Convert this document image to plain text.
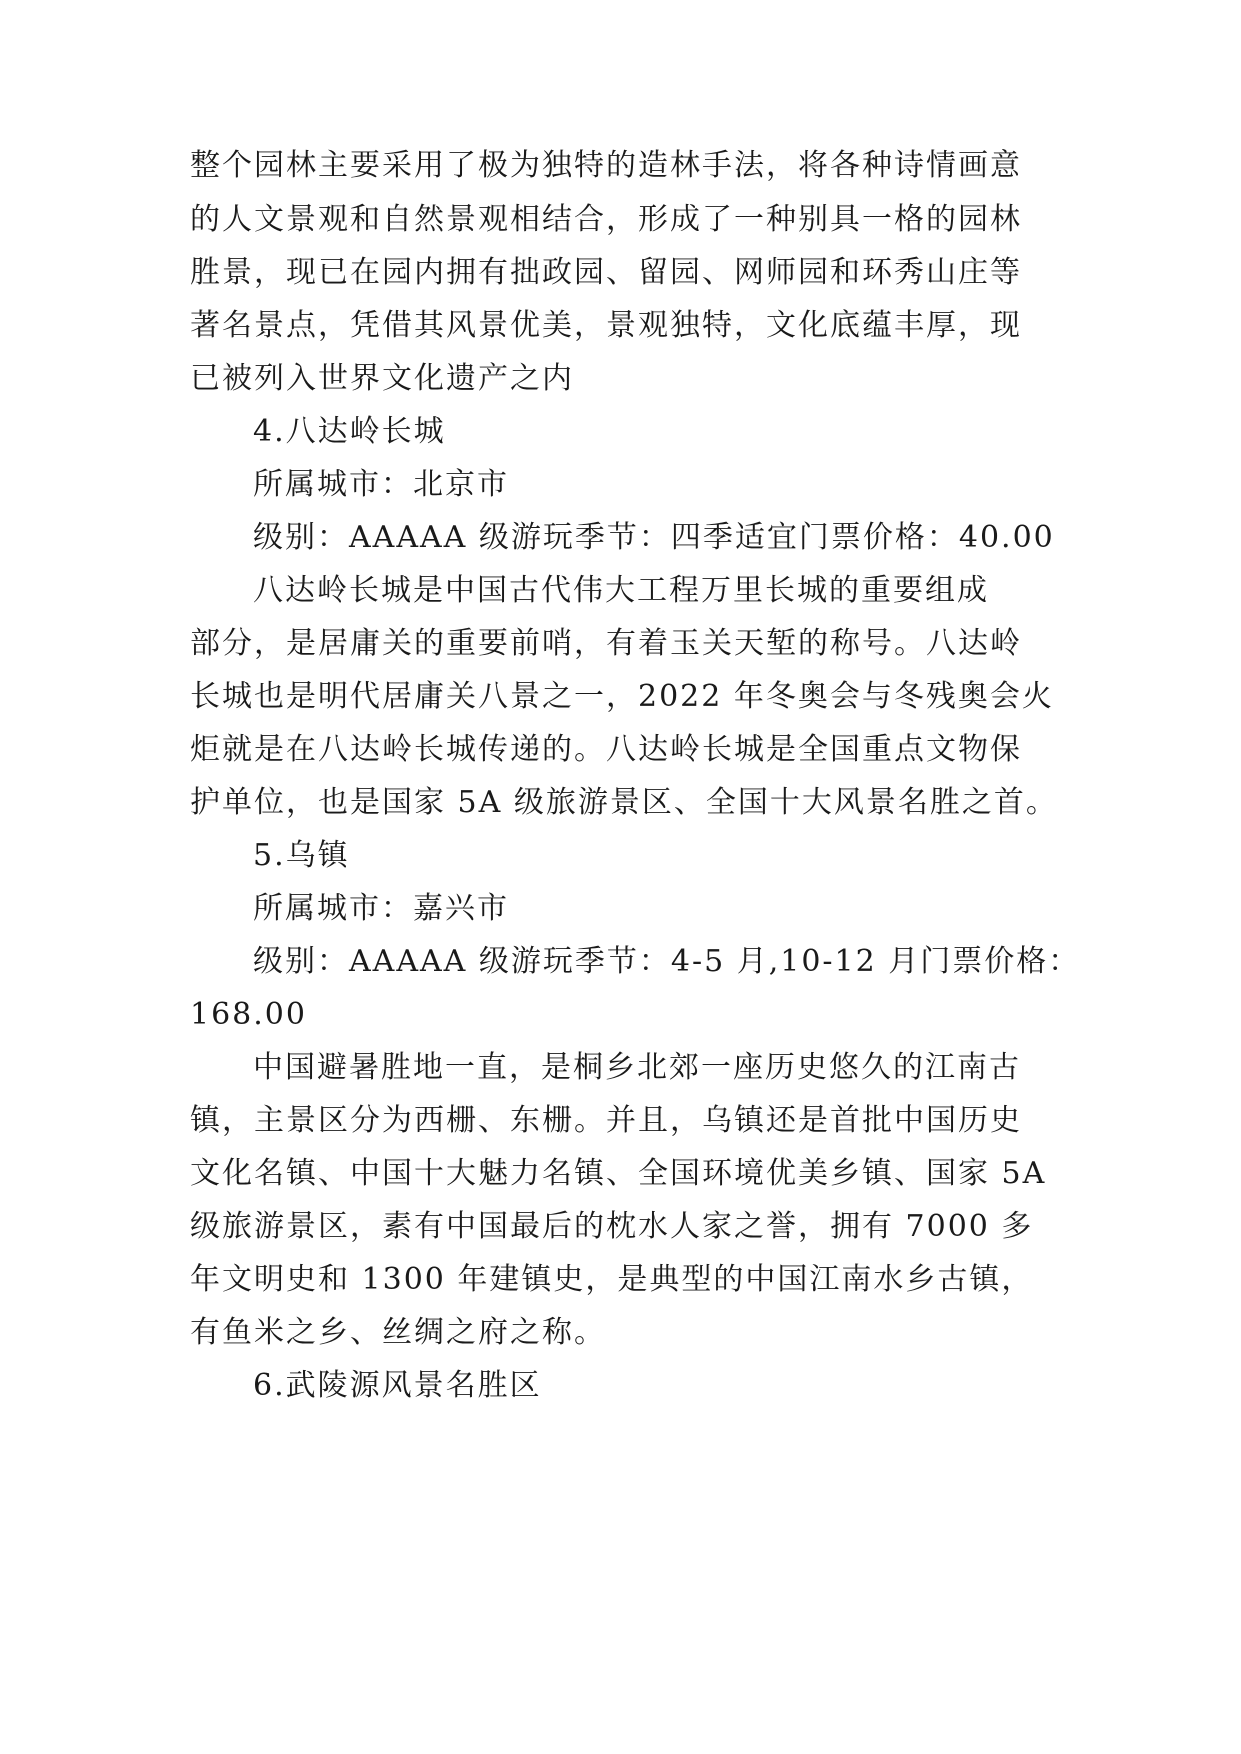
整个园林主要采用了极为独特的造林手法，将各种诗情画意
的人文景观和自然景观相结合，形成了一种别具一格的园林
胜景，现已在园内拥有拙政园、留园、网师园和环秀山庄等
著名景点，凭借其风景优美，景观独特，文化底蕴丰厚，现
已被列入世界文化遗产之内
4.八达岭长城
所属城市：北京市
级别：AAAAA 级游玩季节：四季适宜门票价格：40.00
八达岭长城是中国古代伟大工程万里长城的重要组成
部分，是居庸关的重要前哨，有着玉关天堑的称号。八达岭
长城也是明代居庸关八景之一，2022 年冬奥会与冬残奥会火
炬就是在八达岭长城传递的。八达岭长城是全国重点文物保
护单位，也是国家 5A 级旅游景区、全国十大风景名胜之首。
5.乌镇
所属城市：嘉兴市
级别：AAAAA 级游玩季节：4-5 月,10-12 月门票价格：
168.00
中国避暑胜地一直，是桐乡北郊一座历史悠久的江南古
镇，主景区分为西栅、东栅。并且，乌镇还是首批中国历史
文化名镇、中国十大魅力名镇、全国环境优美乡镇、国家 5A
级旅游景区，素有中国最后的枕水人家之誉，拥有 7000 多
年文明史和 1300 年建镇史，是典型的中国江南水乡古镇，
有鱼米之乡、丝绸之府之称。
6.武陵源风景名胜区
